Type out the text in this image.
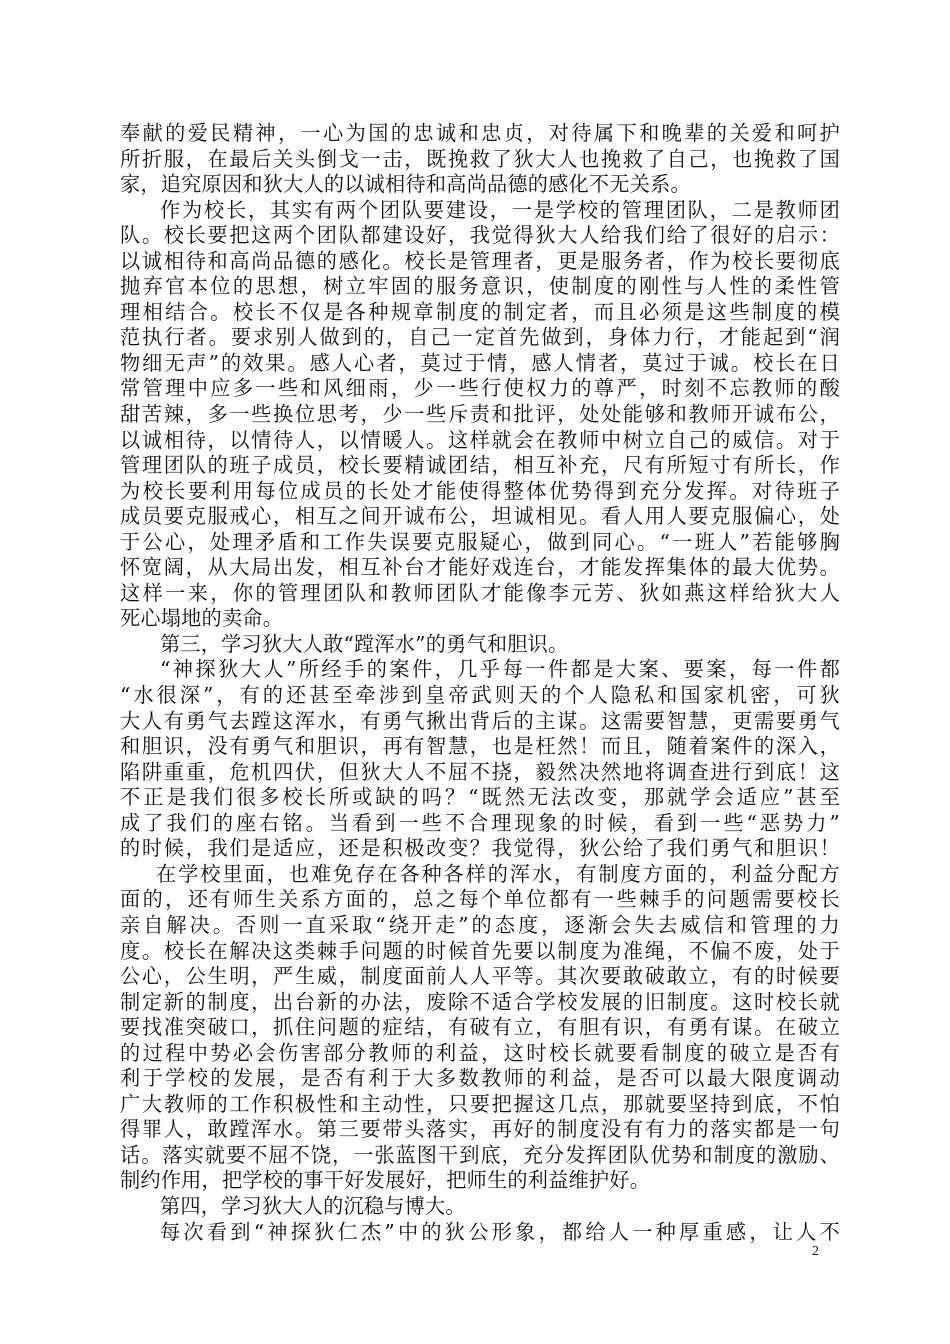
奉献的爱民精神，一心为国的忠诚和忠贞，对待属下和晚辈的关爱和呵护
所折服，在最后关头倒戈一击，既挽救了狄大人也挽救了自己，也挽救了国
家，追究原因和狄大人的以诚相待和高尚品德的感化不无关系。
作为校长，其实有两个团队要建设，一是学校的管理团队，二是教师团
队。校长要把这两个团队都建设好，我觉得狄大人给我们给了很好的启示：
以诚相待和高尚品德的感化。校长是管理者，更是服务者，作为校长要彻底
抛弃官本位的思想，树立牢固的服务意识，使制度的刚性与人性的柔性管
理相结合。校长不仅是各种规章制度的制定者，而且必须是这些制度的模
范执行者。要求别人做到的，自己一定首先做到，身体力行，才能起到“润
物细无声”的效果。感人心者，莫过于情，感人情者，莫过于诚。校长在日
常管理中应多一些和风细雨，少一些行使权力的尊严，时刻不忘教师的酸
甜苦辣，多一些换位思考，少一些斥责和批评，处处能够和教师开诚布公，
以诚相待，以情待人，以情暖人。这样就会在教师中树立自己的威信。对于
管理团队的班子成员，校长要精诚团结，相互补充，尺有所短寸有所长，作
为校长要利用每位成员的长处才能使得整体优势得到充分发挥。对待班子
成员要克服戒心，相互之间开诚布公，坦诚相见。看人用人要克服偏心，处
于公心，处理矛盾和工作失误要克服疑心，做到同心。“一班人”若能够胸
怀宽阔，从大局出发，相互补台才能好戏连台，才能发挥集体的最大优势。
这样一来，你的管理团队和教师团队才能像李元芳、狄如燕这样给狄大人
死心塌地的卖命。
第三，学习狄大人敢“蹚浑水”的勇气和胆识。
“神探狄大人”所经手的案件，几乎每一件都是大案、要案，每一件都
“水很深”，有的还甚至牵涉到皇帝武则天的个人隐私和国家机密，可狄
大人有勇气去蹚这浑水，有勇气揪出背后的主谋。这需要智慧，更需要勇气
和胆识，没有勇气和胆识，再有智慧，也是枉然！而且，随着案件的深入，
陷阱重重，危机四伏，但狄大人不屈不挠，毅然决然地将调查进行到底！这
不正是我们很多校长所或缺的吗？“既然无法改变，那就学会适应”甚至
成了我们的座右铭。当看到一些不合理现象的时候，看到一些“恶势力”
的时候，我们是适应，还是积极改变？我觉得，狄公给了我们勇气和胆识！
在学校里面，也难免存在各种各样的浑水，有制度方面的，利益分配方
面的，还有师生关系方面的，总之每个单位都有一些棘手的问题需要校长
亲自解决。否则一直采取“绕开走”的态度，逐渐会失去威信和管理的力
度。校长在解决这类棘手问题的时候首先要以制度为准绳，不偏不废，处于
公心，公生明，严生威，制度面前人人平等。其次要敢破敢立，有的时候要
制定新的制度，出台新的办法，废除不适合学校发展的旧制度。这时校长就
要找准突破口，抓住问题的症结，有破有立，有胆有识，有勇有谋。在破立
的过程中势必会伤害部分教师的利益，这时校长就要看制度的破立是否有
利于学校的发展，是否有利于大多数教师的利益，是否可以最大限度调动
广大教师的工作积极性和主动性，只要把握这几点，那就要坚持到底，不怕
得罪人，敢蹚浑水。第三要带头落实，再好的制度没有有力的落实都是一句
话。落实就要不屈不饶，一张蓝图干到底，充分发挥团队优势和制度的激励、
制约作用，把学校的事干好发展好，把师生的利益维护好。
第四，学习狄大人的沉稳与博大。
每次看到“神探狄仁杰”中的狄公形象，都给人一种厚重感，让人不
2
